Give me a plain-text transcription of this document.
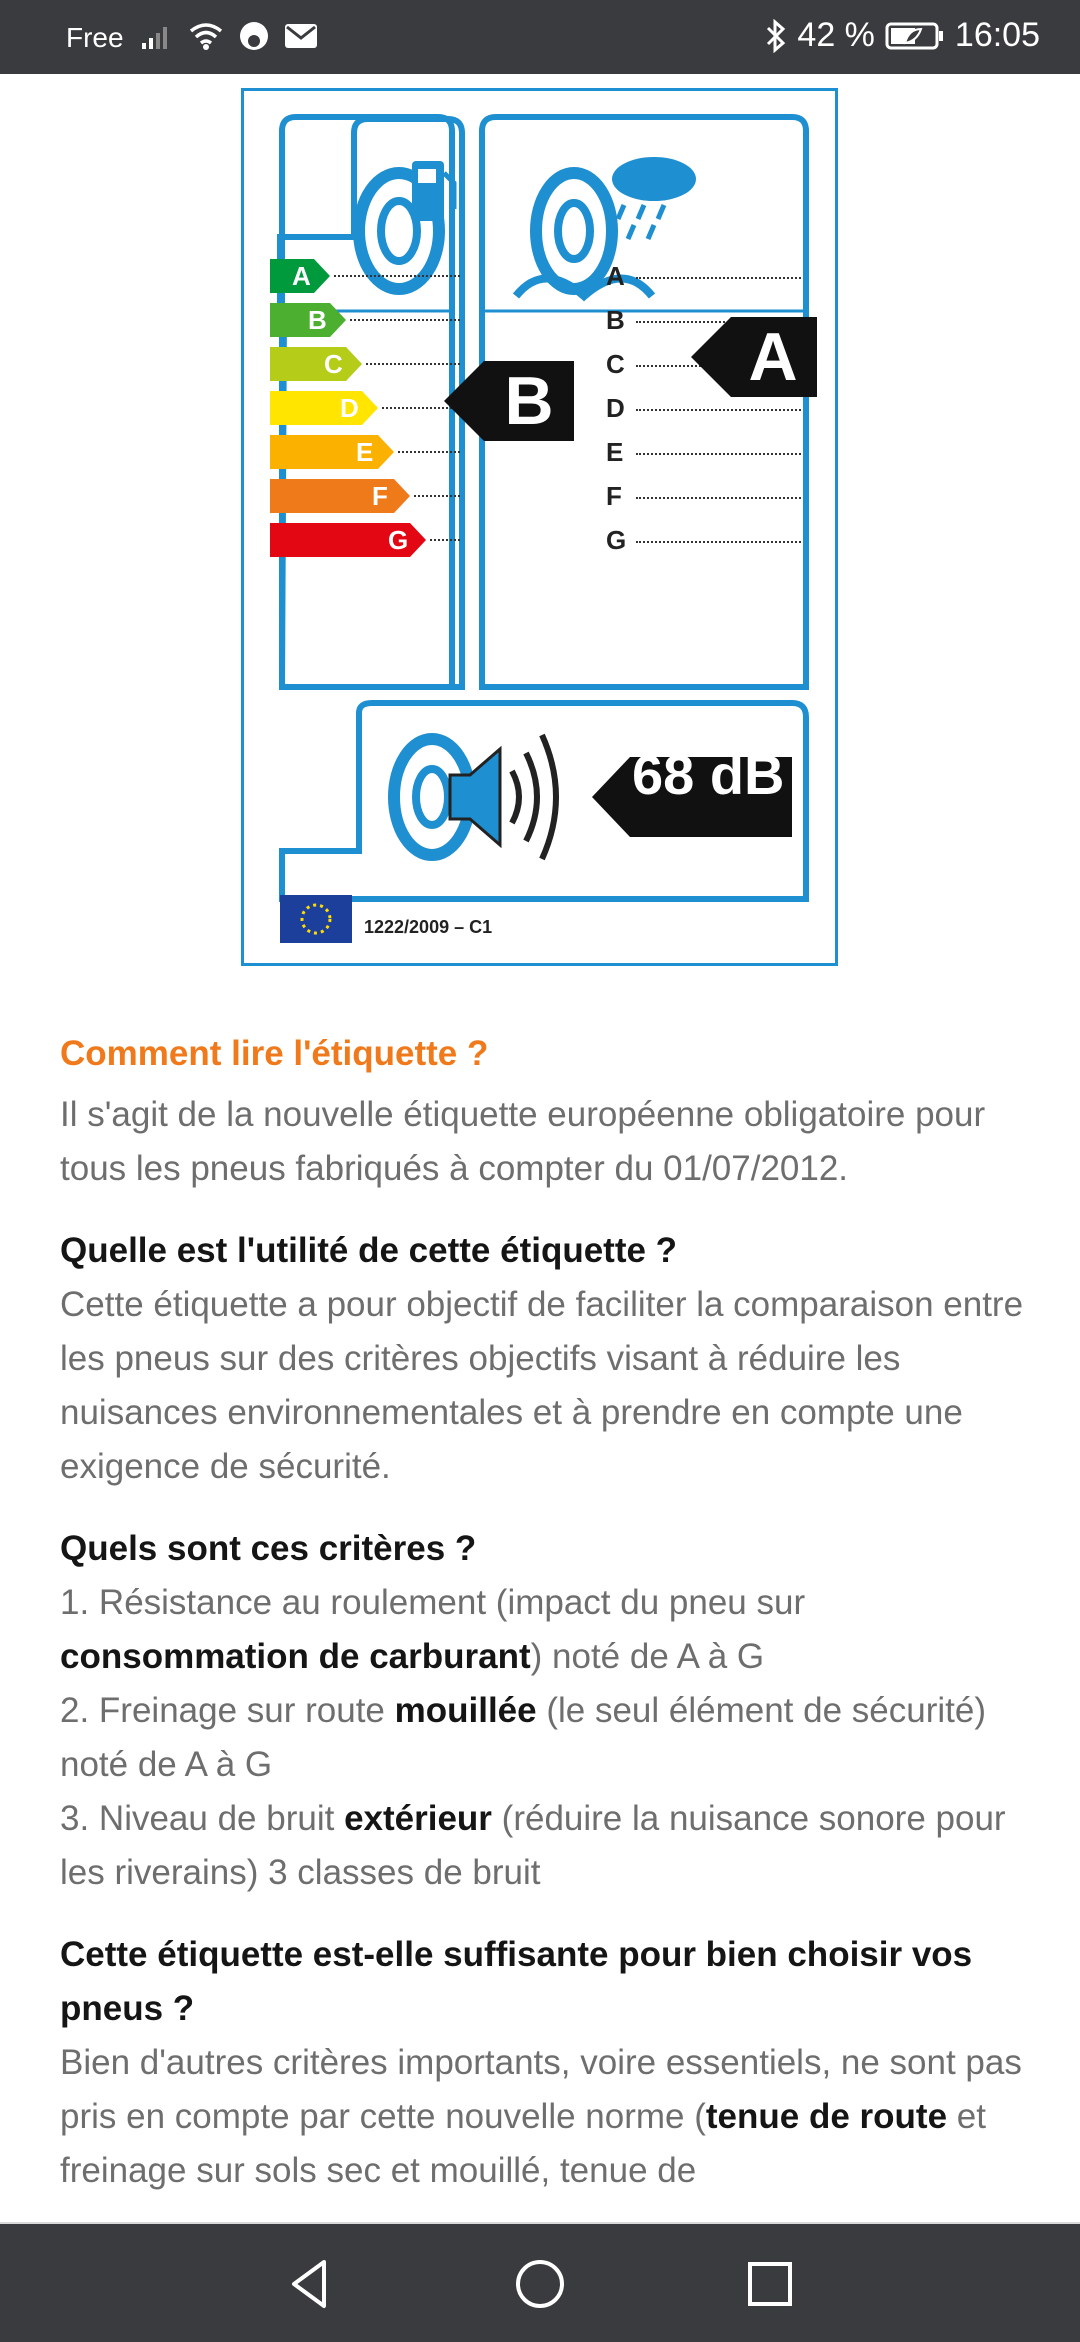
Free	42 % 16:05
A
B
C
D
E
F
G
A
B
C
D
E
F
G
B
A
68 dB
1222/2009 – C1
Comment lire l'étiquette ?

Il s'agit de la nouvelle étiquette européenne obligatoire pour tous les pneus fabriqués à compter du 01/07/2012.

Quelle est l'utilité de cette étiquette ?

Cette étiquette a pour objectif de faciliter la comparaison entre les pneus sur des critères objectifs visant à réduire les nuisances environnementales et à prendre en compte une exigence de sécurité.

Quels sont ces critères ?

1. Résistance au roulement (impact du pneu sur consommation de carburant) noté de A à G

2. Freinage sur route mouillée (le seul élément de sécurité) noté de A à G

3. Niveau de bruit extérieur (réduire la nuisance sonore pour les riverains) 3 classes de bruit

Cette étiquette est-elle suffisante pour bien choisir vos pneus ?

Bien d'autres critères importants, voire essentiels, ne sont pas pris en compte par cette nouvelle norme (tenue de route et freinage sur sols sec et mouillé, tenue de
